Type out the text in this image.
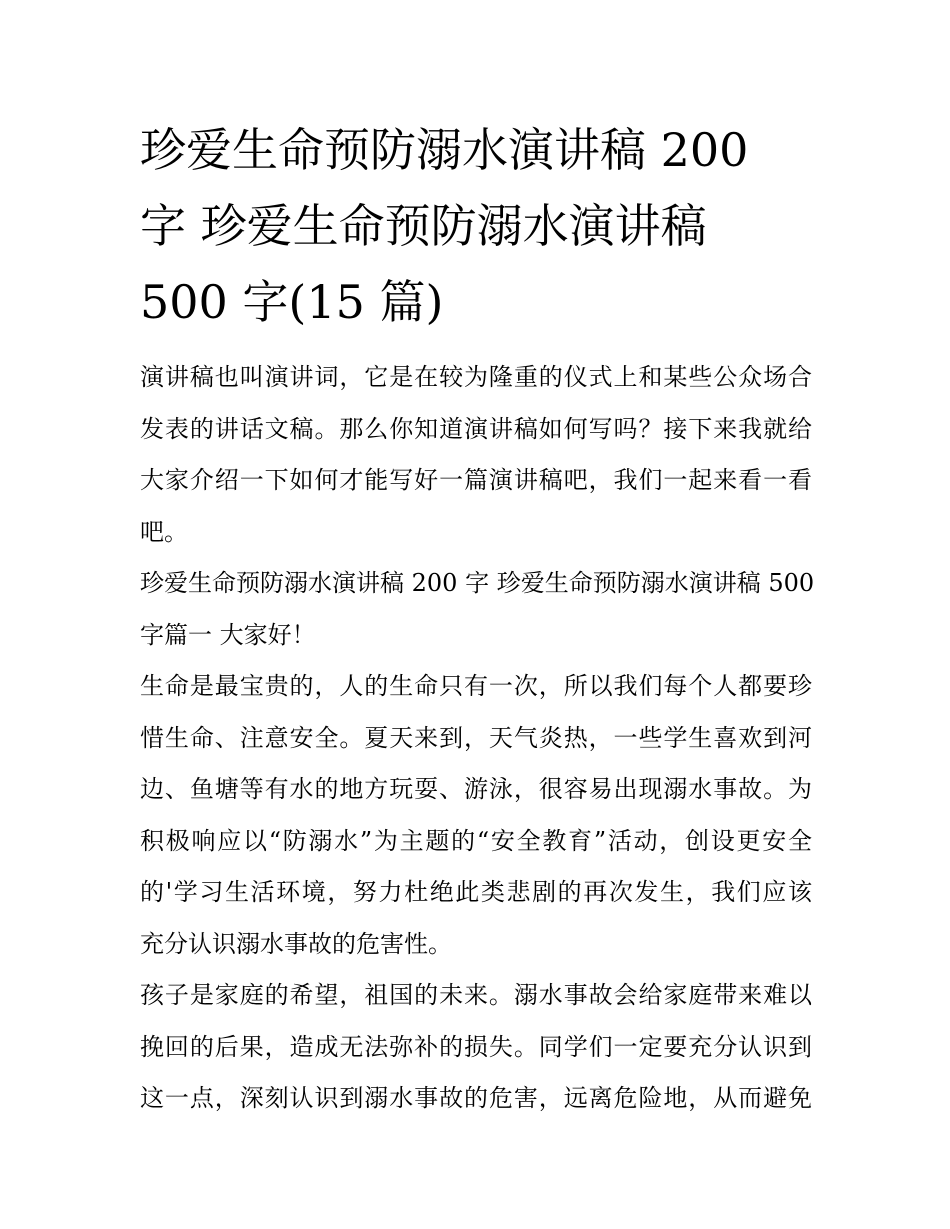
珍爱生命预防溺水演讲稿 200
字 珍爱生命预防溺水演讲稿
500 字(15 篇)

演讲稿也叫演讲词，它是在较为隆重的仪式上和某些公众场合
发表的讲话文稿。那么你知道演讲稿如何写吗？接下来我就给
大家介绍一下如何才能写好一篇演讲稿吧，我们一起来看一看
吧。

珍爱生命预防溺水演讲稿 200 字 珍爱生命预防溺水演讲稿 500
字篇一 大家好！

生命是最宝贵的，人的生命只有一次，所以我们每个人都要珍
惜生命、注意安全。夏天来到，天气炎热，一些学生喜欢到河
边、鱼塘等有水的地方玩耍、游泳，很容易出现溺水事故。为
积极响应以“防溺水”为主题的“安全教育”活动，创设更安全
的'学习生活环境，努力杜绝此类悲剧的再次发生，我们应该
充分认识溺水事故的危害性。

孩子是家庭的希望，祖国的未来。溺水事故会给家庭带来难以
挽回的后果，造成无法弥补的损失。同学们一定要充分认识到
这一点，深刻认识到溺水事故的危害，远离危险地，从而避免
